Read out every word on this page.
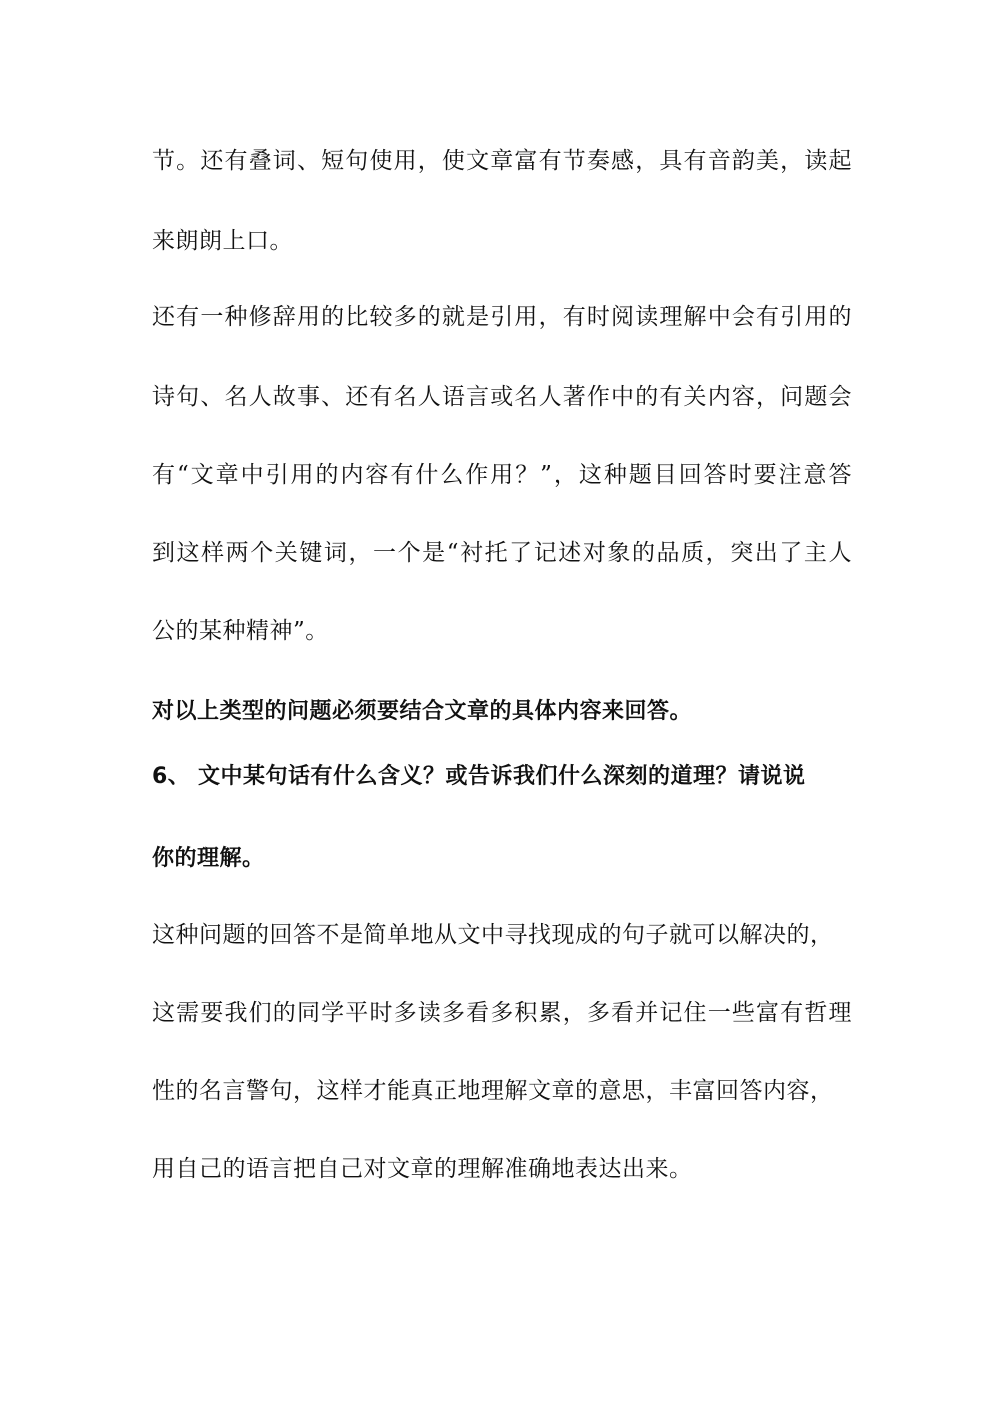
节。还有叠词、短句使用，使文章富有节奏感，具有音韵美，读起
来朗朗上口。
还有一种修辞用的比较多的就是引用，有时阅读理解中会有引用的
诗句、名人故事、还有名人语言或名人著作中的有关内容，问题会
有“文章中引用的内容有什么作用？”，这种题目回答时要注意答
到这样两个关键词，一个是“衬托了记述对象的品质，突出了主人
公的某种精神”。
对以上类型的问题必须要结合文章的具体内容来回答。
6、 文中某句话有什么含义？或告诉我们什么深刻的道理？请说说
你的理解。
这种问题的回答不是简单地从文中寻找现成的句子就可以解决的，
这需要我们的同学平时多读多看多积累，多看并记住一些富有哲理
性的名言警句，这样才能真正地理解文章的意思，丰富回答内容，
用自己的语言把自己对文章的理解准确地表达出来。
